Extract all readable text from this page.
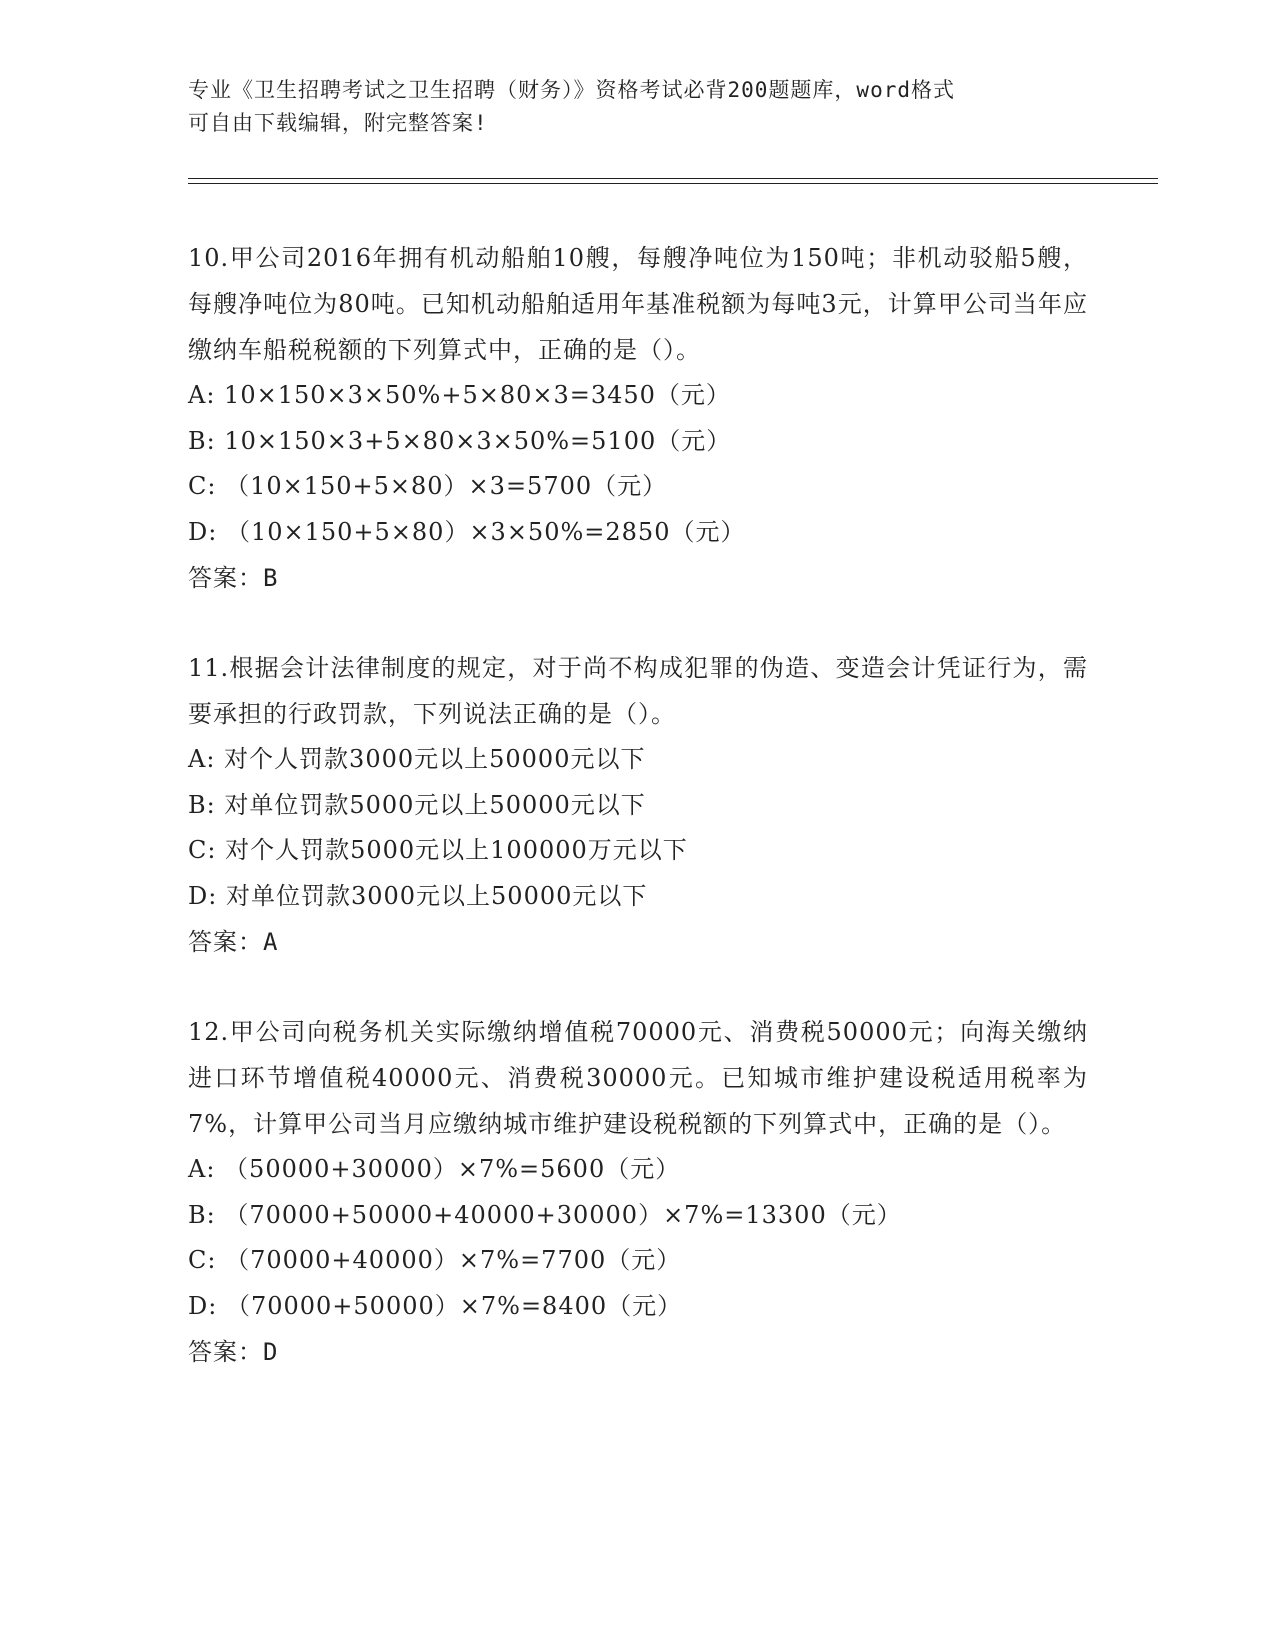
专业《卫生招聘考试之卫生招聘（财务）》资格考试必背200题题库，word格式

可自由下载编辑，附完整答案!

10.甲公司2016年拥有机动船舶10艘，每艘净吨位为150吨；非机动驳船5艘，每艘净吨位为80吨。已知机动船舶适用年基准税额为每吨3元，计算甲公司当年应缴纳车船税税额的下列算式中，正确的是（）。

A: 10×150×3×50%+5×80×3=3450（元）

B: 10×150×3+5×80×3×50%=5100（元）

C: （10×150+5×80）×3=5700（元）

D: （10×150+5×80）×3×50%=2850（元）

答案：B

11.根据会计法律制度的规定，对于尚不构成犯罪的伪造、变造会计凭证行为，需要承担的行政罚款，下列说法正确的是（）。

A: 对个人罚款3000元以上50000元以下

B: 对单位罚款5000元以上50000元以下

C: 对个人罚款5000元以上100000万元以下

D: 对单位罚款3000元以上50000元以下

答案：A

12.甲公司向税务机关实际缴纳增值税70000元、消费税50000元；向海关缴纳进口环节增值税40000元、消费税30000元。已知城市维护建设税适用税率为7%，计算甲公司当月应缴纳城市维护建设税税额的下列算式中，正确的是（）。

A: （50000+30000）×7%=5600（元）

B: （70000+50000+40000+30000）×7%=13300（元）

C: （70000+40000）×7%=7700（元）

D: （70000+50000）×7%=8400（元）

答案：D
